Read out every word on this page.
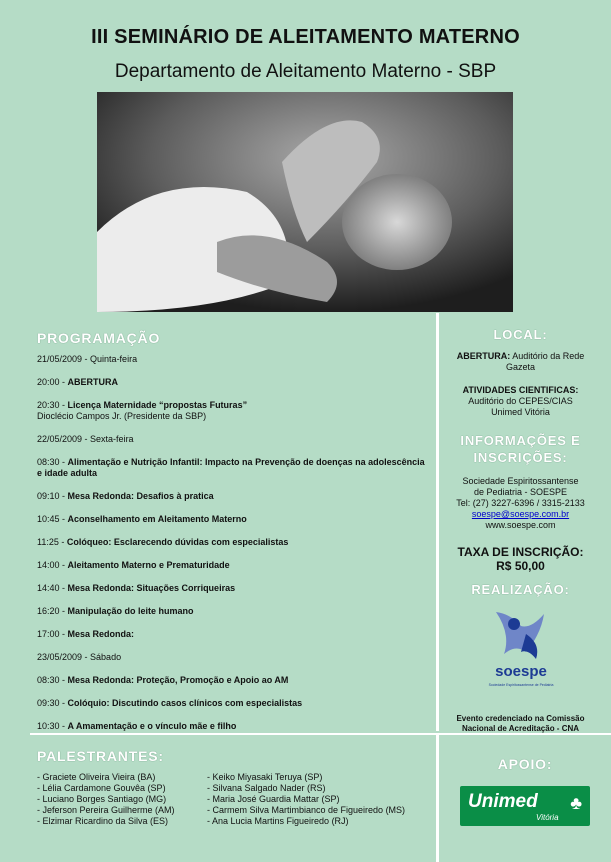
III SEMINÁRIO DE ALEITAMENTO MATERNO
Departamento de Aleitamento Materno - SBP
PROGRAMAÇÃO
21/05/2009 - Quinta-feira
20:00 - ABERTURA
20:30 - Licença Maternidade “propostas Futuras”
Dioclécio Campos Jr. (Presidente da SBP)
22/05/2009 - Sexta-feira
08:30 - Alimentação e Nutrição Infantil: Impacto na Prevenção de doenças na adolescência e idade adulta
09:10 - Mesa Redonda: Desafios à pratica
10:45 - Aconselhamento em Aleitamento Materno
11:25 - Colóqueo: Esclarecendo dúvidas com especialistas
14:00 - Aleitamento Materno e Prematuridade
14:40 - Mesa Redonda: Situações Corriqueiras
16:20 - Manipulação do leite humano
17:00 - Mesa Redonda:
23/05/2009 - Sábado
08:30 - Mesa Redonda: Proteção, Promoção e Apoio ao AM
09:30 - Colóquio: Discutindo casos clínicos com especialistas
10:30 - A Amamentação e o vínculo mãe e filho
LOCAL:

ABERTURA: Auditório da Rede Gazeta

ATIVIDADES CIENTIFICAS:

Auditório do CEPES/CIAS

Unimed Vitória

INFORMAÇÕES E INSCRIÇÕES:

Sociedade Espiritossantense

de Pediatria - SOESPE

Tel: (27) 3227-6396 / 3315-2133

soespe@soespe.com.br

www.soespe.com

TAXA DE INSCRIÇÃO:

R$ 50,00

REALIZAÇÃO:
soespe
Sociedade Espiritossantense de Pediatria

Evento credenciado na Comissão

Nacional de Acreditação - CNA

PALESTRANTES:
- Graciete Oliveira Vieira (BA)
- Lélia Cardamone Gouvêa (SP)
- Luciano Borges Santiago (MG)
- Jeferson Pereira Guilherme (AM)
- Elzimar Ricardino da Silva (ES)
- Keiko Miyasaki Teruya (SP)
- Silvana Salgado Nader (RS)
- Maria José Guardia Mattar (SP)
- Carmem Silva Martimbianco de Figueiredo (MS)
- Ana Lucia Martins Figueiredo (RJ)
APOIO:
Unimed
Vitória
♣
